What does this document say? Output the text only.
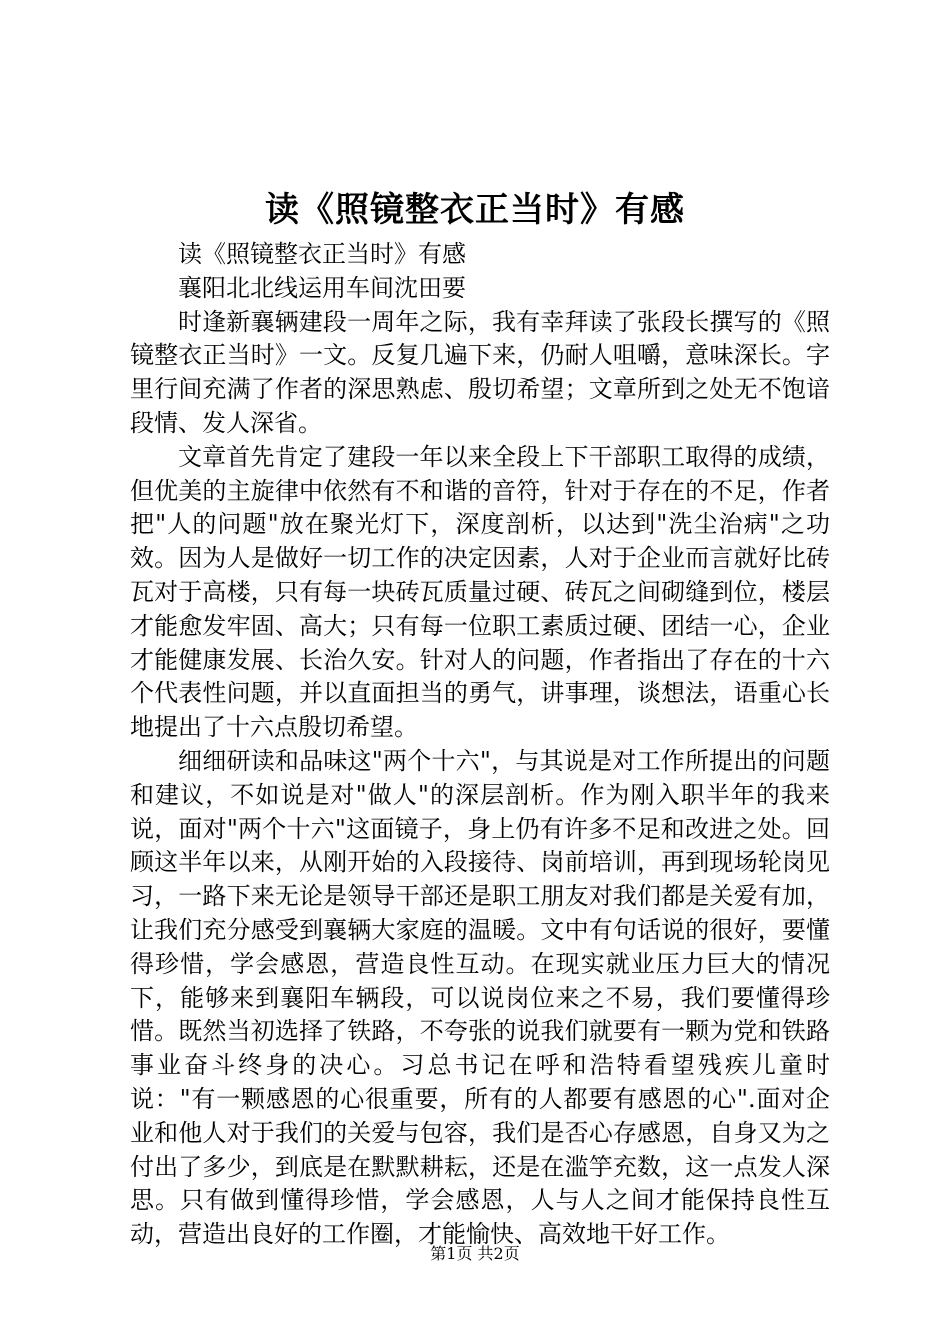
读《照镜整衣正当时》有感

读《照镜整衣正当时》有感

襄阳北北线运用车间沈田要

时逢新襄辆建段一周年之际，我有幸拜读了张段长撰写的《照镜整衣正当时》一文。反复几遍下来，仍耐人咀嚼，意味深长。字里行间充满了作者的深思熟虑、殷切希望；文章所到之处无不饱谙段情、发人深省。

文章首先肯定了建段一年以来全段上下干部职工取得的成绩，但优美的主旋律中依然有不和谐的音符，针对于存在的不足，作者把"人的问题"放在聚光灯下，深度剖析，以达到"洗尘治病"之功效。因为人是做好一切工作的决定因素，人对于企业而言就好比砖瓦对于高楼，只有每一块砖瓦质量过硬、砖瓦之间砌缝到位，楼层才能愈发牢固、高大；只有每一位职工素质过硬、团结一心，企业才能健康发展、长治久安。针对人的问题，作者指出了存在的十六个代表性问题，并以直面担当的勇气，讲事理，谈想法，语重心长地提出了十六点殷切希望。

细细研读和品味这"两个十六"，与其说是对工作所提出的问题和建议，不如说是对"做人"的深层剖析。作为刚入职半年的我来说，面对"两个十六"这面镜子，身上仍有许多不足和改进之处。回顾这半年以来，从刚开始的入段接待、岗前培训，再到现场轮岗见习，一路下来无论是领导干部还是职工朋友对我们都是关爱有加，让我们充分感受到襄辆大家庭的温暖。文中有句话说的很好，要懂得珍惜，学会感恩，营造良性互动。在现实就业压力巨大的情况下，能够来到襄阳车辆段，可以说岗位来之不易，我们要懂得珍惜。既然当初选择了铁路，不夸张的说我们就要有一颗为党和铁路事业奋斗终身的决心。习总书记在呼和浩特看望残疾儿童时说："有一颗感恩的心很重要，所有的人都要有感恩的心".面对企业和他人对于我们的关爱与包容，我们是否心存感恩，自身又为之付出了多少，到底是在默默耕耘，还是在滥竽充数，这一点发人深思。只有做到懂得珍惜，学会感恩，人与人之间才能保持良性互动，营造出良好的工作圈，才能愉快、高效地干好工作。

第1页 共2页
